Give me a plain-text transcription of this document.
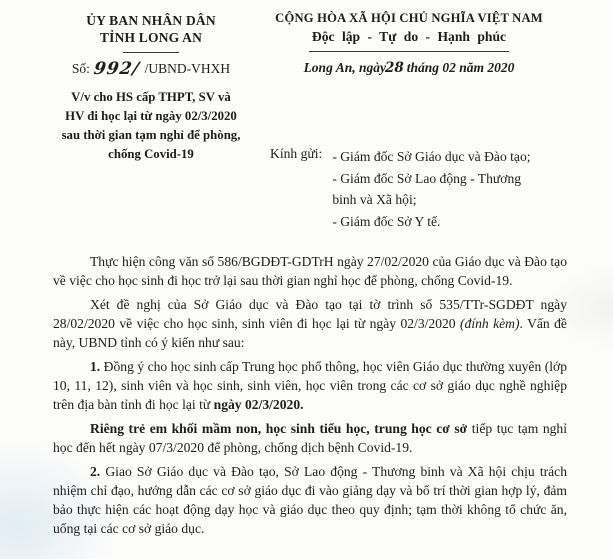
ỦY BAN NHÂN DÂN
TỈNH LONG AN
Số: 992/ /UBND-VHXH
V/v cho HS cấp THPT, SV và
HV đi học lại từ ngày 02/3/2020
sau thời gian tạm nghỉ để phòng,
chống Covid-19
CỘNG HÒA XÃ HỘI CHỦ NGHĨA VIỆT NAM
Độc lập - Tự do - Hạnh phúc
Long An, ngày28 tháng 02 năm 2020
Kính gửi: - Giám đốc Sở Giáo dục và Đào tạo;
- Giám đốc Sở Lao động - Thương
binh và Xã hội;
- Giám đốc Sở Y tế.

Thực hiện công văn số 586/BGDĐT-GDTrH ngày 27/02/2020 của Giáo dục và Đào tạo về việc cho học sinh đi học trở lại sau thời gian nghỉ học để phòng, chống Covid-19.

Xét đề nghị của Sở Giáo dục và Đào tạo tại tờ trình số 535/TTr-SGDĐT ngày 28/02/2020 về việc cho học sinh, sinh viên đi học lại từ ngày 02/3/2020 (đính kèm). Vấn đề này, UBND tỉnh có ý kiến như sau:

1. Đồng ý cho học sinh cấp Trung học phổ thông, học viên Giáo dục thường xuyên (lớp 10, 11, 12), sinh viên và học sinh, sinh viên, học viên trong các cơ sở giáo dục nghề nghiệp trên địa bàn tỉnh đi học lại từ ngày 02/3/2020.

Riêng trẻ em khối mầm non, học sinh tiểu học, trung học cơ sở tiếp tục tạm nghỉ học đến hết ngày 07/3/2020 để phòng, chống dịch bệnh Covid-19.

2. Giao Sở Giáo dục và Đào tạo, Sở Lao động - Thương binh và Xã hội chịu trách nhiệm chỉ đạo, hướng dẫn các cơ sở giáo dục đi vào giảng dạy và bố trí thời gian hợp lý, đảm bảo thực hiện các hoạt động dạy học và giáo dục theo quy định; tạm thời không tổ chức ăn, uống tại các cơ sở giáo dục.
